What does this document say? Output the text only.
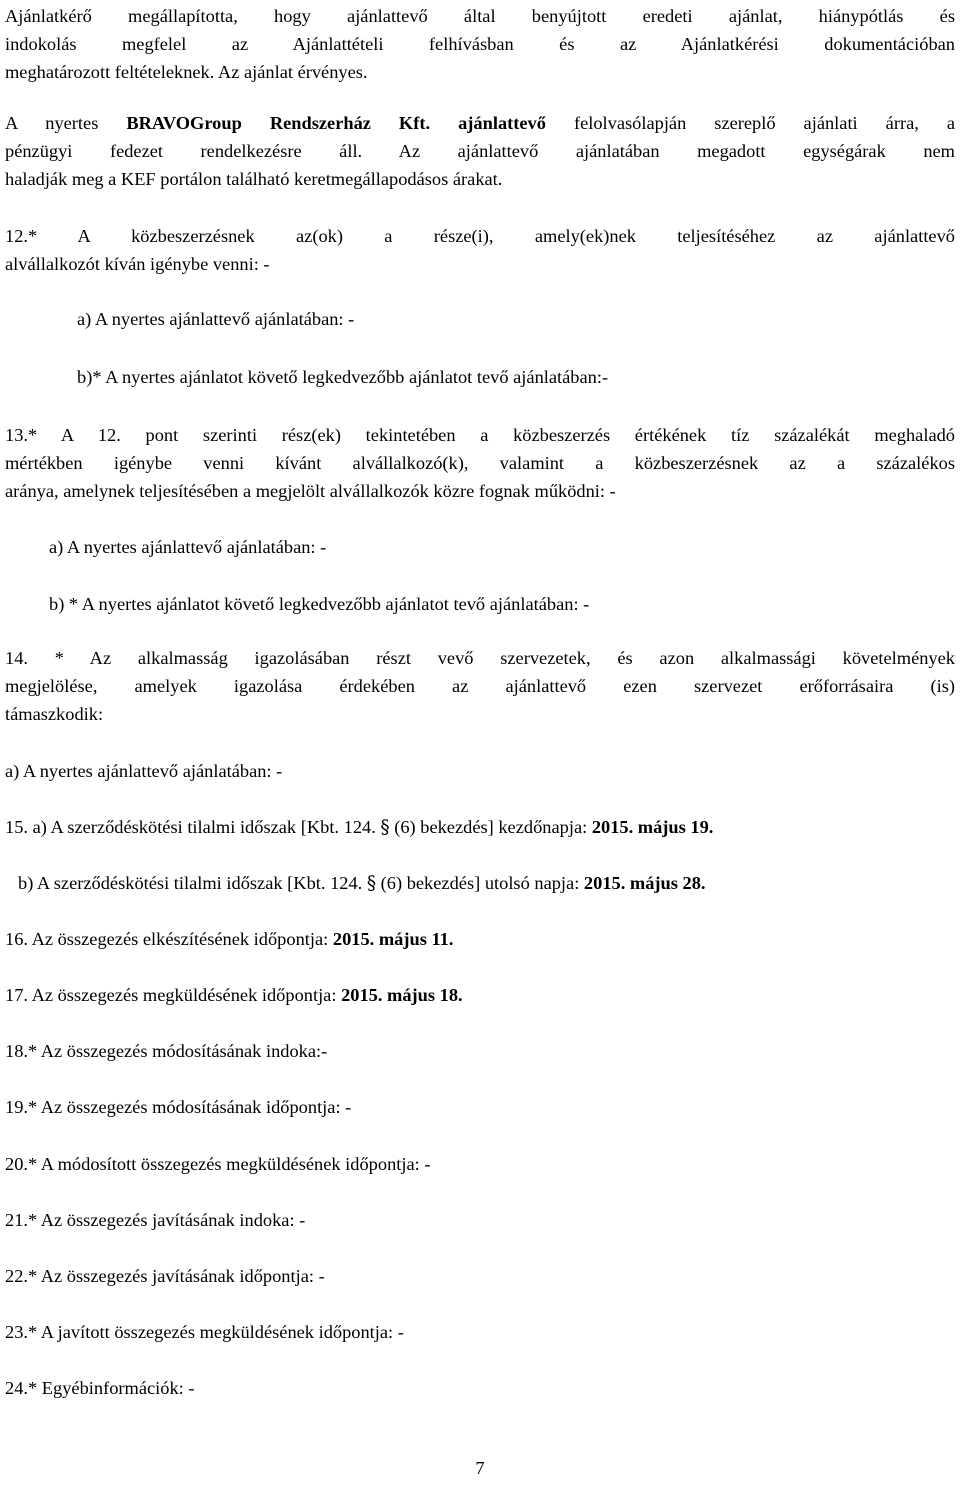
Ajánlatkérő megállapította, hogy ajánlattevő által benyújtott eredeti ajánlat, hiánypótlás és
indokolás megfelel az Ajánlattételi felhívásban és az Ajánlatkérési dokumentációban
meghatározott feltételeknek. Az ajánlat érvényes.
A nyertes BRAVOGroup Rendszerház Kft. ajánlattevő felolvasólapján szereplő ajánlati árra, a
pénzügyi fedezet rendelkezésre áll. Az ajánlattevő ajánlatában megadott egységárak nem
haladják meg a KEF portálon található keretmegállapodásos árakat.
12.* A közbeszerzésnek az(ok) a része(i), amely(ek)nek teljesítéséhez az ajánlattevő
alvállalkozót kíván igénybe venni: -
a) A nyertes ajánlattevő ajánlatában: -
b)* A nyertes ajánlatot követő legkedvezőbb ajánlatot tevő ajánlatában:-
13.* A 12. pont szerinti rész(ek) tekintetében a közbeszerzés értékének tíz százalékát meghaladó
mértékben igénybe venni kívánt alvállalkozó(k), valamint a közbeszerzésnek az a százalékos
aránya, amelynek teljesítésében a megjelölt alvállalkozók közre fognak működni: -
a) A nyertes ajánlattevő ajánlatában: -
b) * A nyertes ajánlatot követő legkedvezőbb ajánlatot tevő ajánlatában: -
14. * Az alkalmasság igazolásában részt vevő szervezetek, és azon alkalmassági követelmények
megjelölése, amelyek igazolása érdekében az ajánlattevő ezen szervezet erőforrásaira (is)
támaszkodik:
a) A nyertes ajánlattevő ajánlatában: -
15. a) A szerződéskötési tilalmi időszak [Kbt. 124. § (6) bekezdés] kezdőnapja: 2015. május 19.
b) A szerződéskötési tilalmi időszak [Kbt. 124. § (6) bekezdés] utolsó napja: 2015. május 28.
16. Az összegezés elkészítésének időpontja: 2015. május 11.
17. Az összegezés megküldésének időpontja: 2015. május 18.
18.* Az összegezés módosításának indoka:-
19.* Az összegezés módosításának időpontja: -
20.* A módosított összegezés megküldésének időpontja: -
21.* Az összegezés javításának indoka: -
22.* Az összegezés javításának időpontja: -
23.* A javított összegezés megküldésének időpontja: -
24.* Egyébinformációk: -
7
